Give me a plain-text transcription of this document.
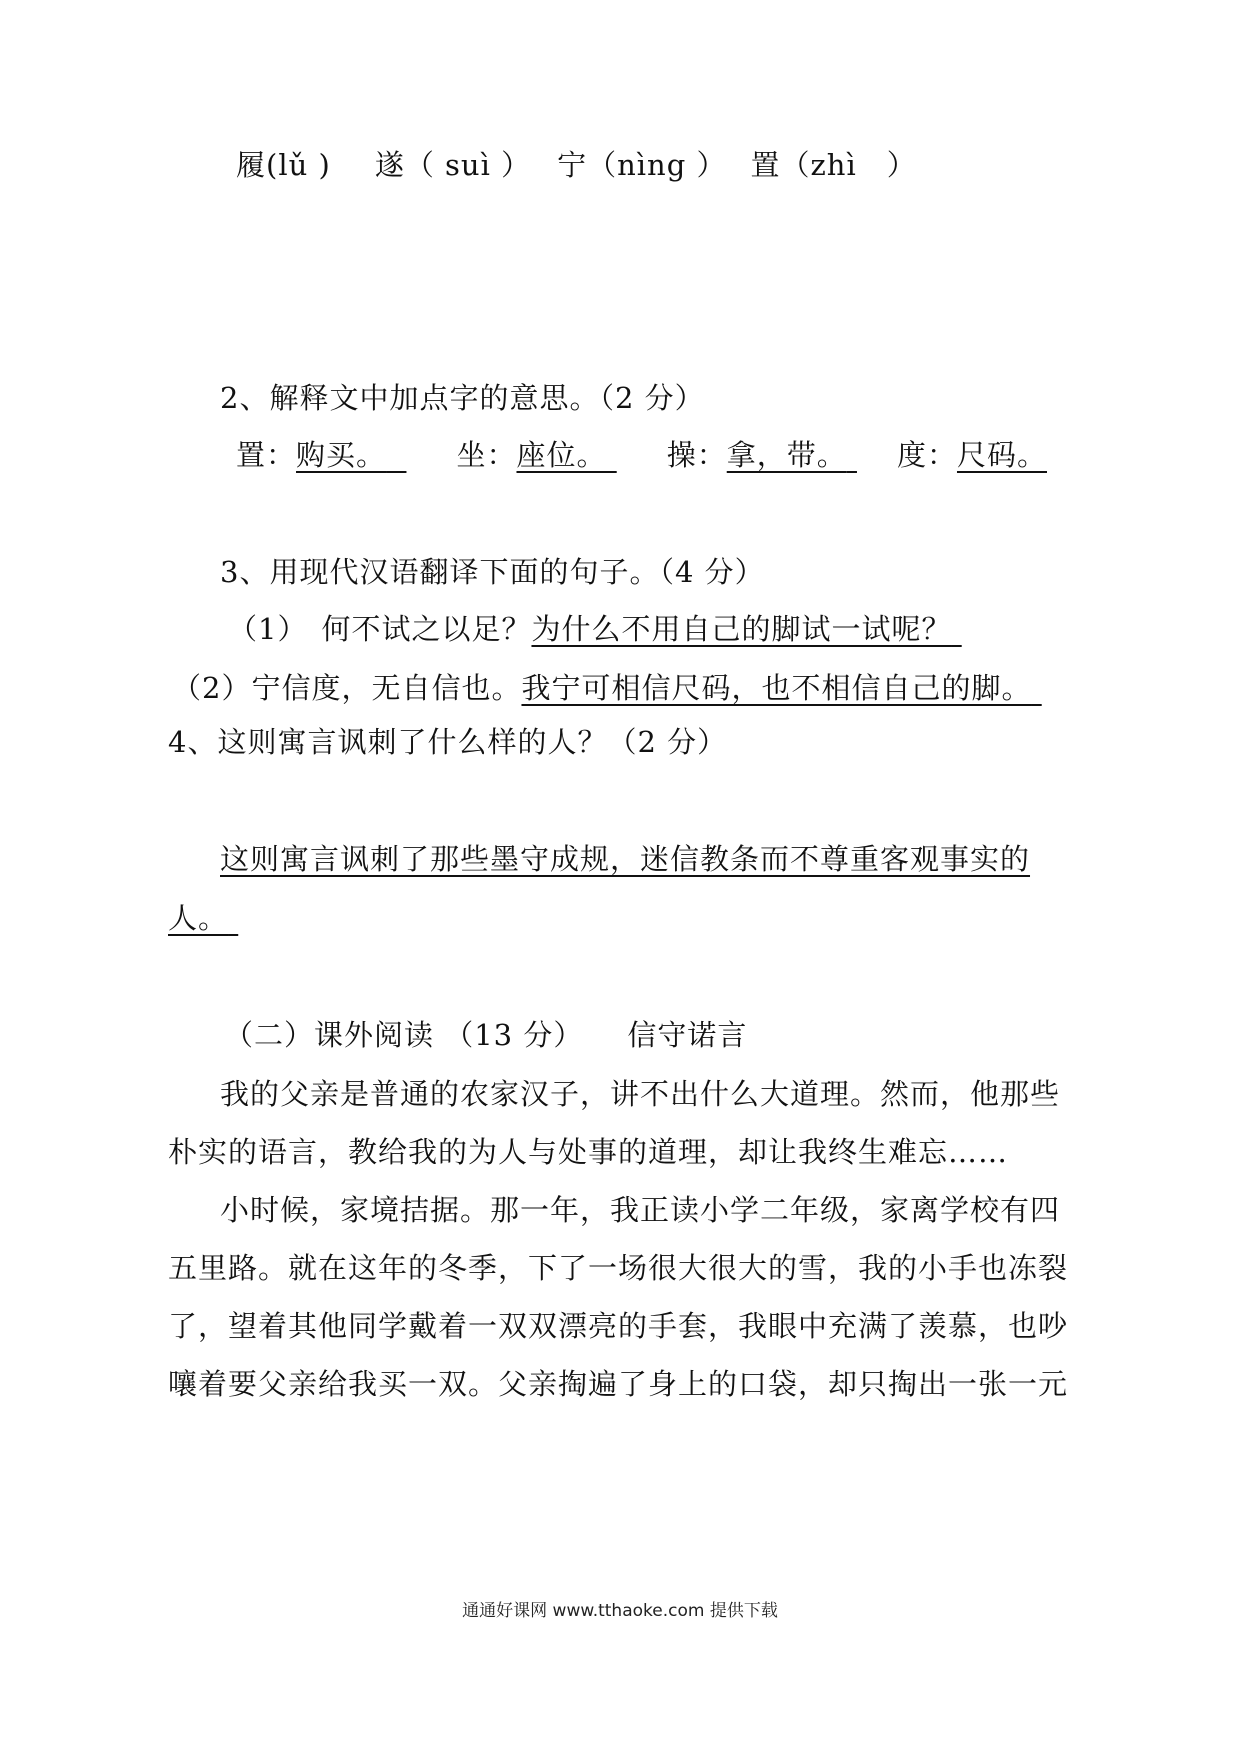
履(lǔ ) 遂（ suì ） 宁（nìng ） 置（zhì　）
2、解释文中加点字的意思。（2 分）
置：购买。 坐：座位。 操：拿，带。 度：尺码。
3、用现代汉语翻译下面的句子。（4 分）
（1） 何不试之以足？为什么不用自己的脚试一试呢？
（2）宁信度，无自信也。我宁可相信尺码，也不相信自己的脚。
4、这则寓言讽刺了什么样的人？（2 分）
这则寓言讽刺了那些墨守成规，迷信教条而不尊重客观事实的
人。
（二）课外阅读 （13 分） 信守诺言
我的父亲是普通的农家汉子，讲不出什么大道理。然而，他那些
朴实的语言，教给我的为人与处事的道理，却让我终生难忘……
小时候，家境拮据。那一年，我正读小学二年级，家离学校有四
五里路。就在这年的冬季，下了一场很大很大的雪，我的小手也冻裂
了，望着其他同学戴着一双双漂亮的手套，我眼中充满了羡慕，也吵
嚷着要父亲给我买一双。父亲掏遍了身上的口袋，却只掏出一张一元
通通好课网 www.tthaoke.com 提供下载
